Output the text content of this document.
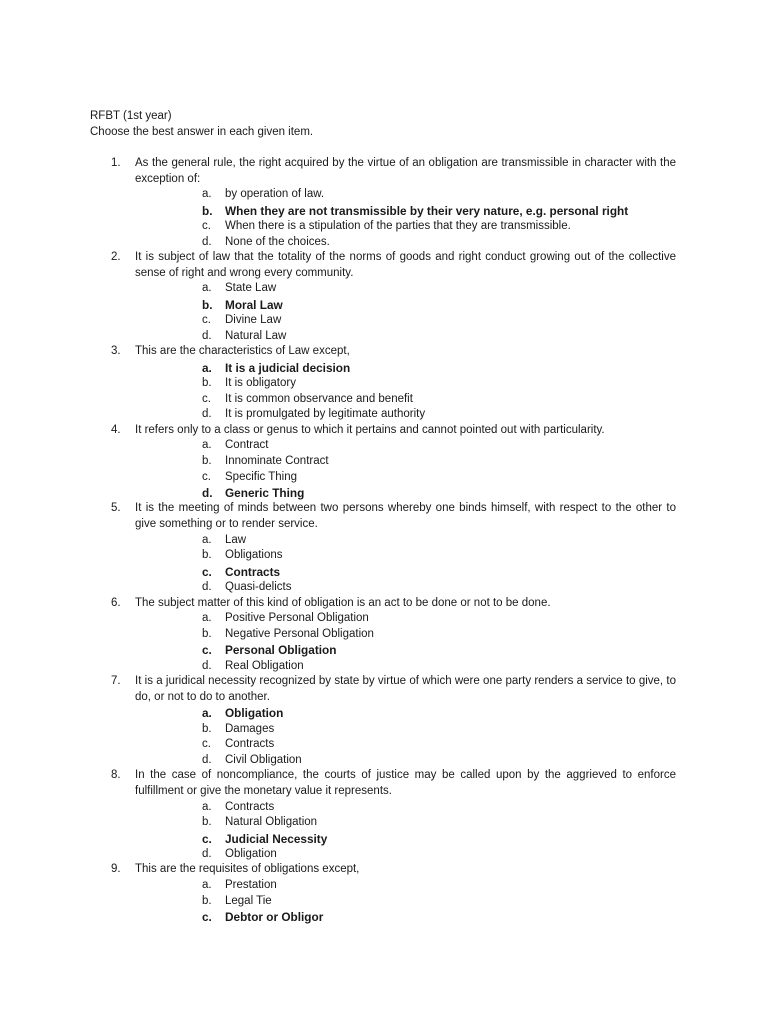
RFBT (1st year)
Choose the best answer in each given item.
1.	As the general rule, the right acquired by the virtue of an obligation are transmissible in character with the exception of:
a. by operation of law.
b. When they are not transmissible by their very nature, e.g. personal right
c. When there is a stipulation of the parties that they are transmissible.
d. None of the choices.
2.	It is subject of law that the totality of the norms of goods and right conduct growing out of the collective sense of right and wrong every community.
a. State Law
b. Moral Law
c. Divine Law
d. Natural Law
3.	This are the characteristics of Law except,
a. It is a judicial decision
b. It is obligatory
c. It is common observance and benefit
d. It is promulgated by legitimate authority
4.	It refers only to a class or genus to which it pertains and cannot pointed out with particularity.
a. Contract
b. Innominate Contract
c. Specific Thing
d. Generic Thing
5.	It is the meeting of minds between two persons whereby one binds himself, with respect to the other to give something or to render service.
a. Law
b. Obligations
c. Contracts
d. Quasi-delicts
6.	The subject matter of this kind of obligation is an act to be done or not to be done.
a. Positive Personal Obligation
b. Negative Personal Obligation
c. Personal Obligation
d. Real Obligation
7.	It is a juridical necessity recognized by state by virtue of which were one party renders a service to give, to do, or not to do to another.
a. Obligation
b. Damages
c. Contracts
d. Civil Obligation
8.	In the case of noncompliance, the courts of justice may be called upon by the aggrieved to enforce fulfillment or give the monetary value it represents.
a. Contracts
b. Natural Obligation
c. Judicial Necessity
d. Obligation
9.	This are the requisites of obligations except,
a. Prestation
b. Legal Tie
c. Debtor or Obligor
